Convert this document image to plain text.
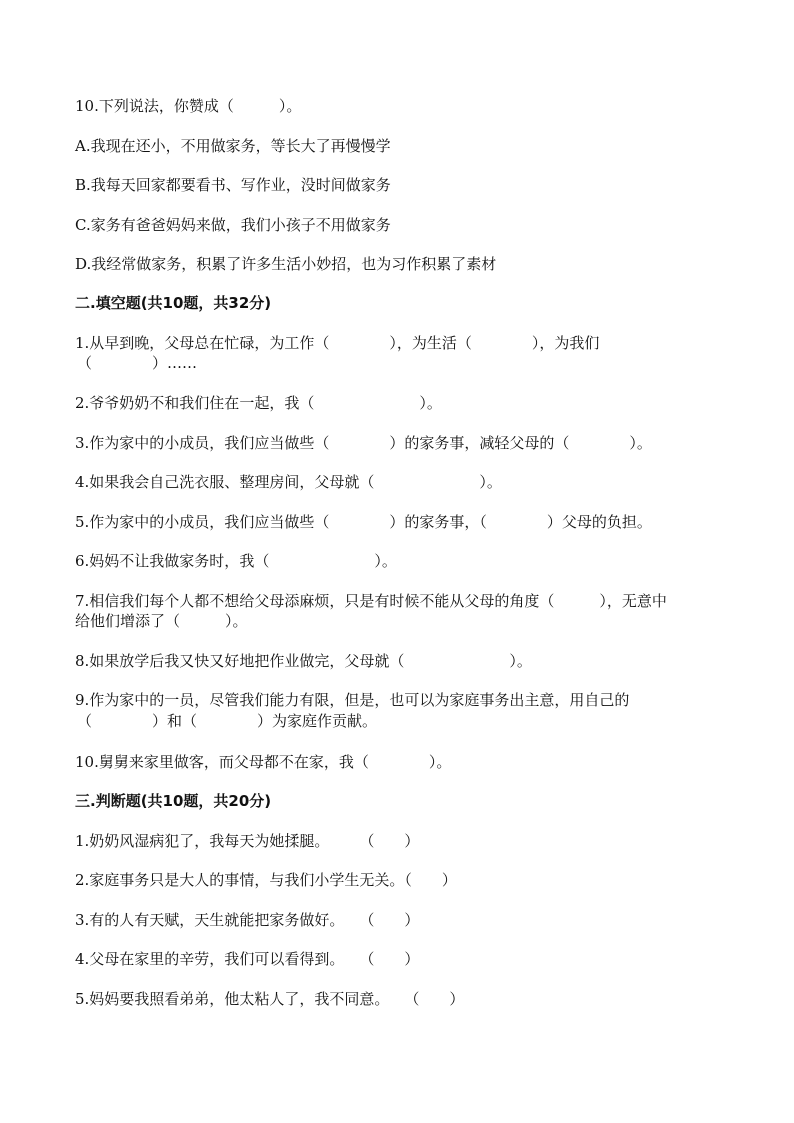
10.下列说法，你赞成（　　　）。
A.我现在还小，不用做家务，等长大了再慢慢学
B.我每天回家都要看书、写作业，没时间做家务
C.家务有爸爸妈妈来做，我们小孩子不用做家务
D.我经常做家务，积累了许多生活小妙招，也为习作积累了素材
二.填空题(共10题，共32分)
1.从早到晚，父母总在忙碌，为工作（　　　　），为生活（　　　　），为我们
（　　　　）……
2.爷爷奶奶不和我们住在一起，我（　　　　　　　）。
3.作为家中的小成员，我们应当做些（　　　　）的家务事，减轻父母的（　　　　）。
4.如果我会自己洗衣服、整理房间，父母就（　　　　　　　）。
5.作为家中的小成员，我们应当做些（　　　　）的家务事，（　　　　）父母的负担。
6.妈妈不让我做家务时，我（　　　　　　　）。
7.相信我们每个人都不想给父母添麻烦，只是有时候不能从父母的角度（　　　），无意中
给他们增添了（　　　）。
8.如果放学后我又快又好地把作业做完，父母就（　　　　　　　）。
9.作为家中的一员，尽管我们能力有限，但是，也可以为家庭事务出主意，用自己的
（　　　　）和（　　　　）为家庭作贡献。
10.舅舅来家里做客，而父母都不在家，我（　　　　）。
三.判断题(共10题，共20分)
1.奶奶风湿病犯了，我每天为她揉腿。　　　（　　）
2.家庭事务只是大人的事情，与我们小学生无关。（　　）
3.有的人有天赋，天生就能把家务做好。　　（　　）
4.父母在家里的辛劳，我们可以看得到。　　（　　）
5.妈妈要我照看弟弟，他太粘人了，我不同意。　　（　　）
